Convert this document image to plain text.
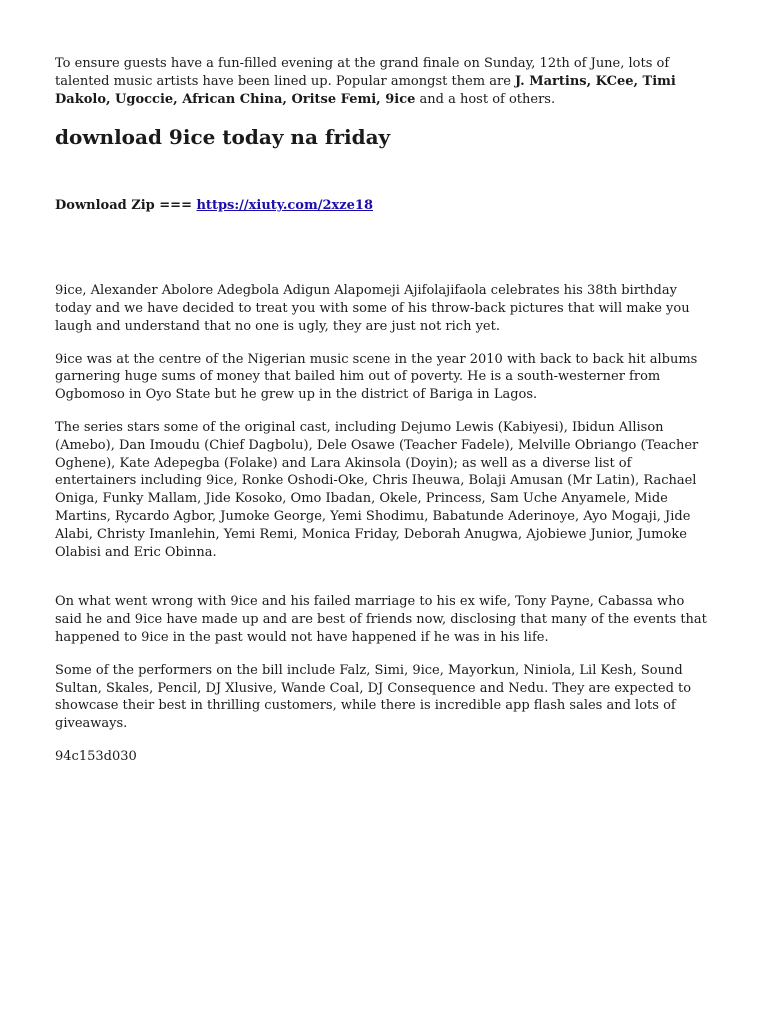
To ensure guests have a fun-filled evening at the grand finale on Sunday, 12th of June, lots of talented music artists have been lined up. Popular amongst them are J. Martins, KCee, Timi Dakolo, Ugoccie, African China, Oritse Femi, 9ice and a host of others.

download 9ice today na friday

Download Zip === https://xiuty.com/2xze18

9ice, Alexander Abolore Adegbola Adigun Alapomeji Ajifolajifaola celebrates his 38th birthday today and we have decided to treat you with some of his throw-back pictures that will make you laugh and understand that no one is ugly, they are just not rich yet.

9ice was at the centre of the Nigerian music scene in the year 2010 with back to back hit albums garnering huge sums of money that bailed him out of poverty. He is a south-westerner from Ogbomoso in Oyo State but he grew up in the district of Bariga in Lagos.

The series stars some of the original cast, including Dejumo Lewis (Kabiyesi), Ibidun Allison (Amebo), Dan Imoudu (Chief Dagbolu), Dele Osawe (Teacher Fadele), Melville Obriango (Teacher Oghene), Kate Adepegba (Folake) and Lara Akinsola (Doyin); as well as a diverse list of entertainers including 9ice, Ronke Oshodi-Oke, Chris Iheuwa, Bolaji Amusan (Mr Latin), Rachael Oniga, Funky Mallam, Jide Kosoko, Omo Ibadan, Okele, Princess, Sam Uche Anyamele, Mide Martins, Rycardo Agbor, Jumoke George, Yemi Shodimu, Babatunde Aderinoye, Ayo Mogaji, Jide Alabi, Christy Imanlehin, Yemi Remi, Monica Friday, Deborah Anugwa, Ajobiewe Junior, Jumoke Olabisi and Eric Obinna.

On what went wrong with 9ice and his failed marriage to his ex wife, Tony Payne, Cabassa who said he and 9ice have made up and are best of friends now, disclosing that many of the events that happened to 9ice in the past would not have happened if he was in his life.

Some of the performers on the bill include Falz, Simi, 9ice, Mayorkun, Niniola, Lil Kesh, Sound Sultan, Skales, Pencil, DJ Xlusive, Wande Coal, DJ Consequence and Nedu. They are expected to showcase their best in thrilling customers, while there is incredible app flash sales and lots of giveaways.

94c153d030
